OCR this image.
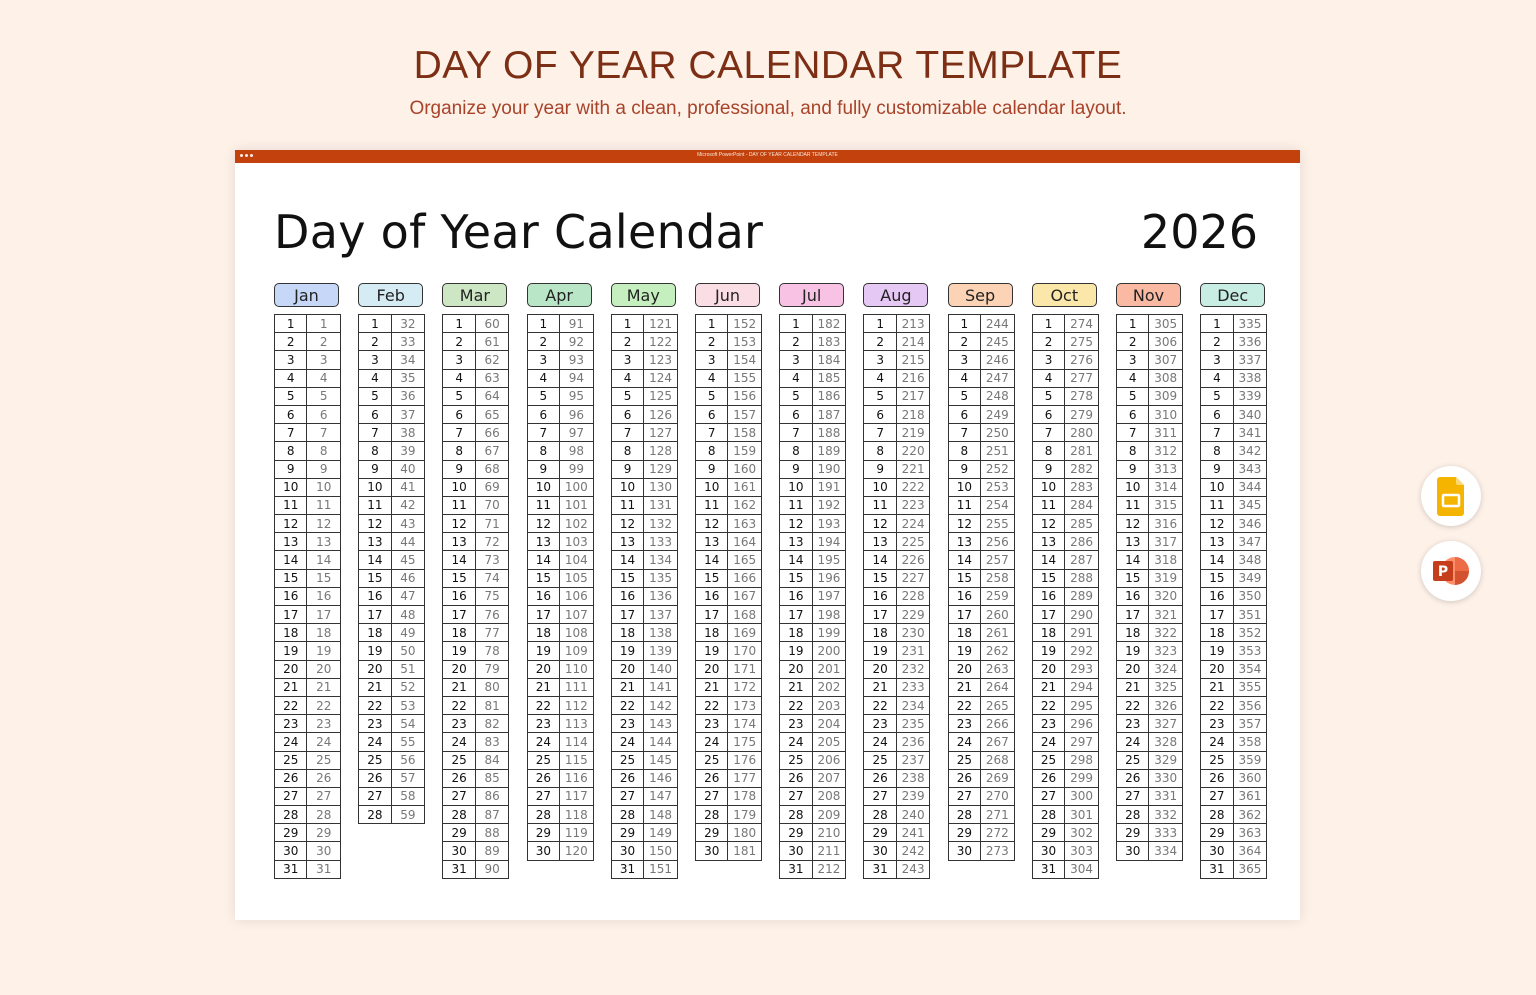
DAY OF YEAR CALENDAR TEMPLATE
Organize your year with a clean, professional, and fully customizable calendar layout.
Microsoft PowerPoint - DAY OF YEAR CALENDAR TEMPLATE
Day of Year Calendar	2026
Jan
1	1
2	2
3	3
4	4
5	5
6	6
7	7
8	8
9	9
10	10
11	11
12	12
13	13
14	14
15	15
16	16
17	17
18	18
19	19
20	20
21	21
22	22
23	23
24	24
25	25
26	26
27	27
28	28
29	29
30	30
31	31
Feb
1	32
2	33
3	34
4	35
5	36
6	37
7	38
8	39
9	40
10	41
11	42
12	43
13	44
14	45
15	46
16	47
17	48
18	49
19	50
20	51
21	52
22	53
23	54
24	55
25	56
26	57
27	58
28	59
Mar
1	60
2	61
3	62
4	63
5	64
6	65
7	66
8	67
9	68
10	69
11	70
12	71
13	72
14	73
15	74
16	75
17	76
18	77
19	78
20	79
21	80
22	81
23	82
24	83
25	84
26	85
27	86
28	87
29	88
30	89
31	90
Apr
1	91
2	92
3	93
4	94
5	95
6	96
7	97
8	98
9	99
10	100
11	101
12	102
13	103
14	104
15	105
16	106
17	107
18	108
19	109
20	110
21	111
22	112
23	113
24	114
25	115
26	116
27	117
28	118
29	119
30	120
May
1	121
2	122
3	123
4	124
5	125
6	126
7	127
8	128
9	129
10	130
11	131
12	132
13	133
14	134
15	135
16	136
17	137
18	138
19	139
20	140
21	141
22	142
23	143
24	144
25	145
26	146
27	147
28	148
29	149
30	150
31	151
Jun
1	152
2	153
3	154
4	155
5	156
6	157
7	158
8	159
9	160
10	161
11	162
12	163
13	164
14	165
15	166
16	167
17	168
18	169
19	170
20	171
21	172
22	173
23	174
24	175
25	176
26	177
27	178
28	179
29	180
30	181
Jul
1	182
2	183
3	184
4	185
5	186
6	187
7	188
8	189
9	190
10	191
11	192
12	193
13	194
14	195
15	196
16	197
17	198
18	199
19	200
20	201
21	202
22	203
23	204
24	205
25	206
26	207
27	208
28	209
29	210
30	211
31	212
Aug
1	213
2	214
3	215
4	216
5	217
6	218
7	219
8	220
9	221
10	222
11	223
12	224
13	225
14	226
15	227
16	228
17	229
18	230
19	231
20	232
21	233
22	234
23	235
24	236
25	237
26	238
27	239
28	240
29	241
30	242
31	243
Sep
1	244
2	245
3	246
4	247
5	248
6	249
7	250
8	251
9	252
10	253
11	254
12	255
13	256
14	257
15	258
16	259
17	260
18	261
19	262
20	263
21	264
22	265
23	266
24	267
25	268
26	269
27	270
28	271
29	272
30	273
Oct
1	274
2	275
3	276
4	277
5	278
6	279
7	280
8	281
9	282
10	283
11	284
12	285
13	286
14	287
15	288
16	289
17	290
18	291
19	292
20	293
21	294
22	295
23	296
24	297
25	298
26	299
27	300
28	301
29	302
30	303
31	304
Nov
1	305
2	306
3	307
4	308
5	309
6	310
7	311
8	312
9	313
10	314
11	315
12	316
13	317
14	318
15	319
16	320
17	321
18	322
19	323
20	324
21	325
22	326
23	327
24	328
25	329
26	330
27	331
28	332
29	333
30	334
Dec
1	335
2	336
3	337
4	338
5	339
6	340
7	341
8	342
9	343
10	344
11	345
12	346
13	347
14	348
15	349
16	350
17	351
18	352
19	353
20	354
21	355
22	356
23	357
24	358
25	359
26	360
27	361
28	362
29	363
30	364
31	365
P
